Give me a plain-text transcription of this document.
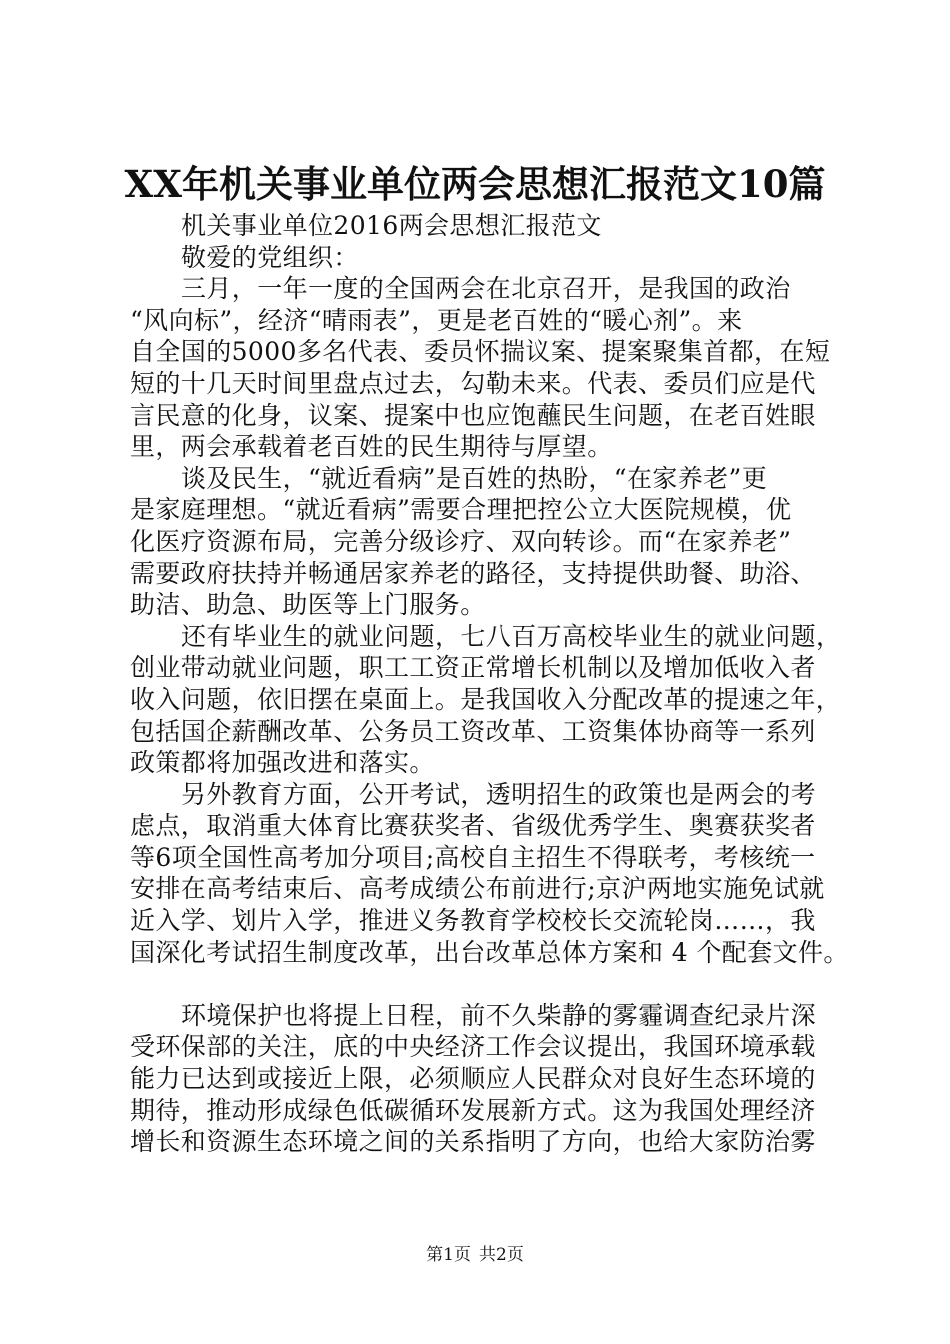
XX年机关事业单位两会思想汇报范文10篇
机关事业单位2016两会思想汇报范文
敬爱的党组织：
三月，一年一度的全国两会在北京召开，是我国的政治
“风向标”，经济“晴雨表”，更是老百姓的“暖心剂”。来
自全国的5000多名代表、委员怀揣议案、提案聚集首都，在短
短的十几天时间里盘点过去，勾勒未来。代表、委员们应是代
言民意的化身，议案、提案中也应饱蘸民生问题，在老百姓眼
里，两会承载着老百姓的民生期待与厚望。
谈及民生，“就近看病”是百姓的热盼，“在家养老”更
是家庭理想。“就近看病”需要合理把控公立大医院规模，优
化医疗资源布局，完善分级诊疗、双向转诊。而“在家养老”
需要政府扶持并畅通居家养老的路径，支持提供助餐、助浴、
助洁、助急、助医等上门服务。
还有毕业生的就业问题，七八百万高校毕业生的就业问题，
创业带动就业问题，职工工资正常增长机制以及增加低收入者
收入问题，依旧摆在桌面上。是我国收入分配改革的提速之年，
包括国企薪酬改革、公务员工资改革、工资集体协商等一系列
政策都将加强改进和落实。
另外教育方面，公开考试，透明招生的政策也是两会的考
虑点，取消重大体育比赛获奖者、省级优秀学生、奥赛获奖者
等6项全国性高考加分项目;高校自主招生不得联考，考核统一
安排在高考结束后、高考成绩公布前进行;京沪两地实施免试就
近入学、划片入学，推进义务教育学校校长交流轮岗……，我
国深化考试招生制度改革，出台改革总体方案和 4 个配套文件。
环境保护也将提上日程，前不久柴静的雾霾调查纪录片深
受环保部的关注，底的中央经济工作会议提出，我国环境承载
能力已达到或接近上限，必须顺应人民群众对良好生态环境的
期待，推动形成绿色低碳循环发展新方式。这为我国处理经济
增长和资源生态环境之间的关系指明了方向，也给大家防治雾
第1页 共2页
